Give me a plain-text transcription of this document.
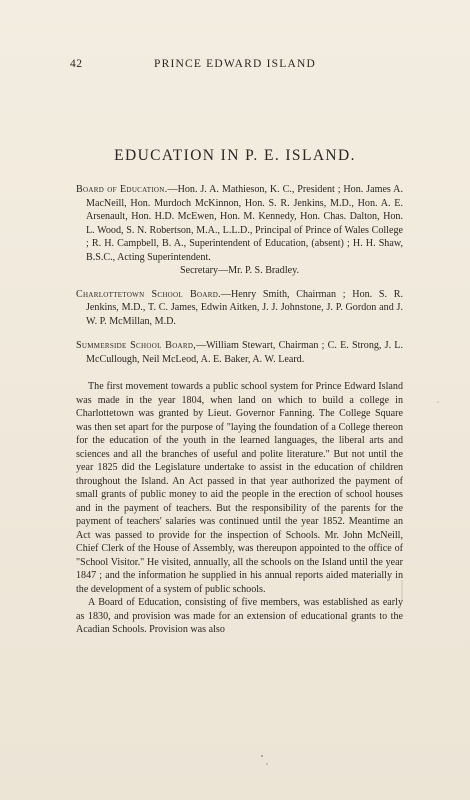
42	PRINCE EDWARD ISLAND
EDUCATION IN P. E. ISLAND.

Board of Education.—Hon. J. A. Mathieson, K. C., President ; Hon. James A. MacNeill, Hon. Murdoch McKinnon, Hon. S. R. Jenkins, M.D., Hon. A. E. Arsenault, Hon. H.D. McEwen, Hon. M. Kennedy, Hon. Chas. Dalton, Hon. L. Wood, S. N. Robertson, M.A., L.L.D., Principal of Prince of Wales College ; R. H. Campbell, B. A., Superintendent of Education, (absent) ; H. H. Shaw, B.S.C., Acting Superintendent.

Secretary—Mr. P. S. Bradley.

Charlottetown School Board.—Henry Smith, Chairman ; Hon. S. R. Jenkins, M.D., T. C. James, Edwin Aitken, J. J. Johnstone, J. P. Gordon and J. W. P. McMillan, M.D.

Summerside School Board,—William Stewart, Chairman ; C. E. Strong, J. L. McCullough, Neil McLeod, A. E. Baker, A. W. Leard.

The first movement towards a public school system for Prince Edward Island was made in the year 1804, when land on which to build a college in Charlottetown was granted by Lieut. Governor Fanning. The College Square was then set apart for the purpose of "laying the foundation of a College thereon for the education of the youth in the learned languages, the liberal arts and sciences and all the branches of useful and polite literature." But not until the year 1825 did the Legislature undertake to assist in the education of children throughout the Island. An Act passed in that year authorized the payment of small grants of public money to aid the people in the erection of school houses and in the payment of teachers. But the responsibility of the parents for the payment of teachers' salaries was continued until the year 1852. Meantime an Act was passed to provide for the inspection of Schools. Mr. John McNeill, Chief Clerk of the House of Assembly, was thereupon appointed to the office of "School Visitor." He visited, annually, all the schools on the Island until the year 1847 ; and the information he supplied in his annual reports aided materially in the development of a system of public schools.

A Board of Education, consisting of five members, was established as early as 1830, and provision was made for an extension of educational grants to the Acadian Schools. Provision was also
